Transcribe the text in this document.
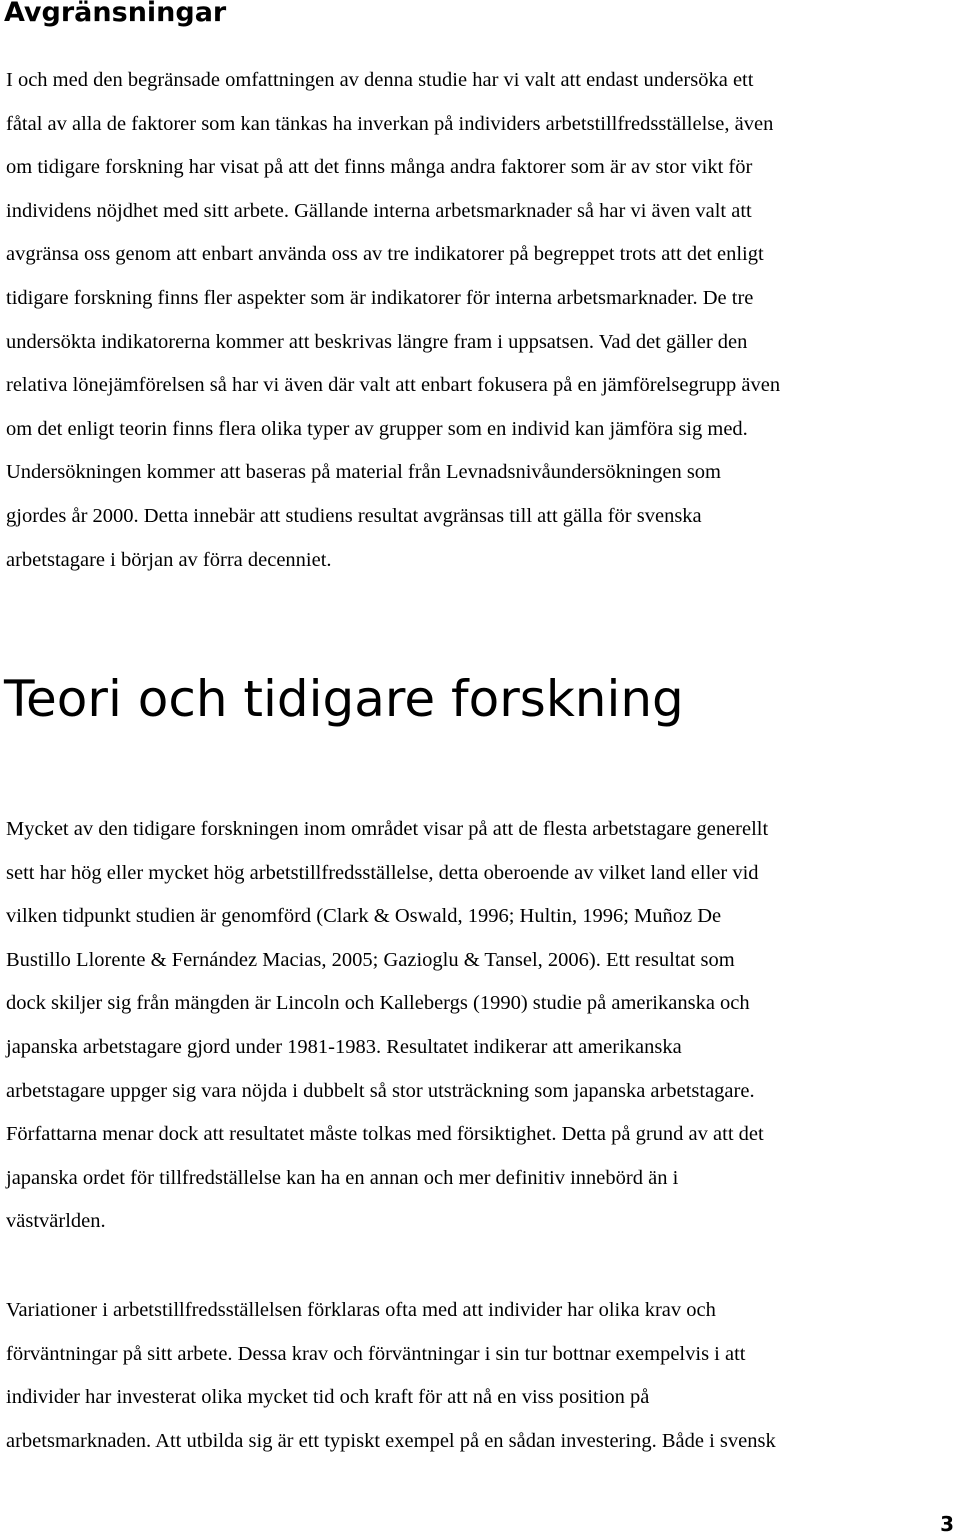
Avgränsningar

I och med den begränsade omfattningen av denna studie har vi valt att endast undersöka ett
fåtal av alla de faktorer som kan tänkas ha inverkan på individers arbetstillfredsställelse, även
om tidigare forskning har visat på att det finns många andra faktorer som är av stor vikt för
individens nöjdhet med sitt arbete. Gällande interna arbetsmarknader så har vi även valt att
avgränsa oss genom att enbart använda oss av tre indikatorer på begreppet trots att det enligt
tidigare forskning finns fler aspekter som är indikatorer för interna arbetsmarknader. De tre
undersökta indikatorerna kommer att beskrivas längre fram i uppsatsen. Vad det gäller den
relativa lönejämförelsen så har vi även där valt att enbart fokusera på en jämförelsegrupp även
om det enligt teorin finns flera olika typer av grupper som en individ kan jämföra sig med.
Undersökningen kommer att baseras på material från Levnadsnivåundersökningen som
gjordes år 2000. Detta innebär att studiens resultat avgränsas till att gälla för svenska
arbetstagare i början av förra decenniet.

Teori och tidigare forskning

Mycket av den tidigare forskningen inom området visar på att de flesta arbetstagare generellt
sett har hög eller mycket hög arbetstillfredsställelse, detta oberoende av vilket land eller vid
vilken tidpunkt studien är genomförd (Clark & Oswald, 1996; Hultin, 1996; Muñoz De
Bustillo Llorente & Fernández Macias, 2005; Gazioglu & Tansel, 2006). Ett resultat som
dock skiljer sig från mängden är Lincoln och Kallebergs (1990) studie på amerikanska och
japanska arbetstagare gjord under 1981-1983. Resultatet indikerar att amerikanska
arbetstagare uppger sig vara nöjda i dubbelt så stor utsträckning som japanska arbetstagare.
Författarna menar dock att resultatet måste tolkas med försiktighet. Detta på grund av att det
japanska ordet för tillfredställelse kan ha en annan och mer definitiv innebörd än i
västvärlden.

Variationer i arbetstillfredsställelsen förklaras ofta med att individer har olika krav och
förväntningar på sitt arbete. Dessa krav och förväntningar i sin tur bottnar exempelvis i att
individer har investerat olika mycket tid och kraft för att nå en viss position på
arbetsmarknaden. Att utbilda sig är ett typiskt exempel på en sådan investering. Både i svensk

3
